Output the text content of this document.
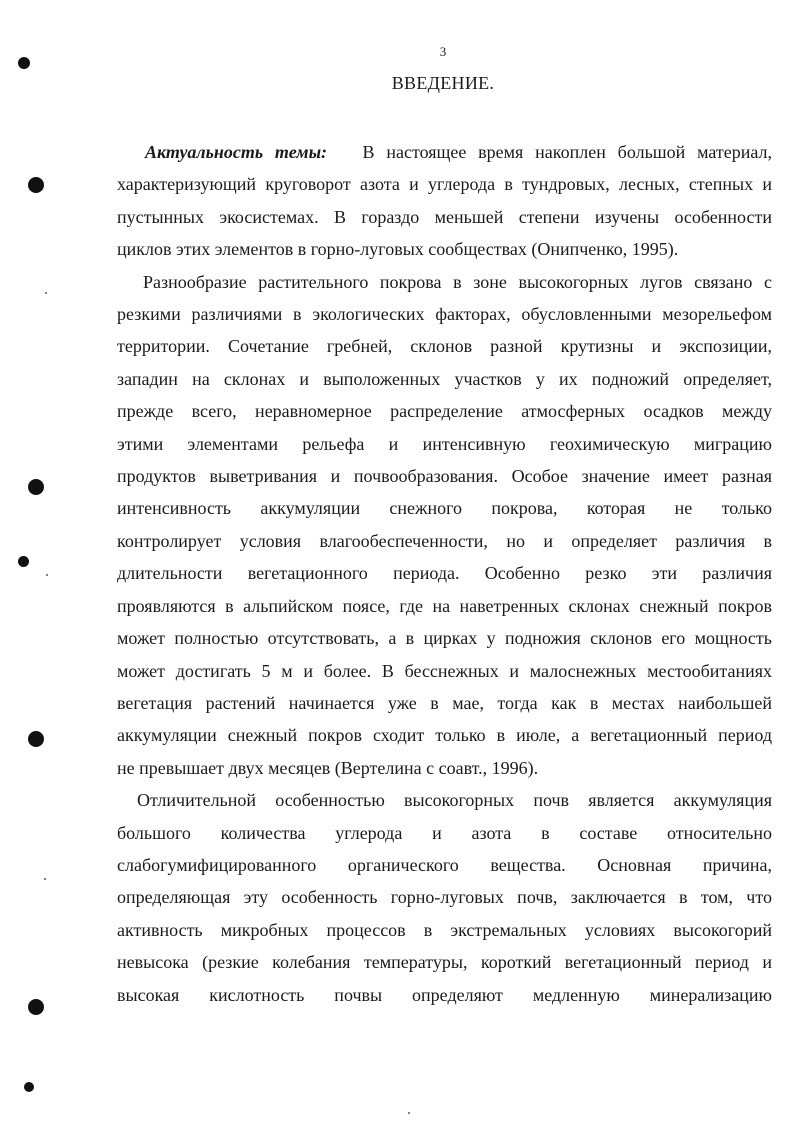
3
ВВЕДЕНИЕ.
Актуальность темы: В настоящее время накоплен большой материал,
характеризующий круговорот азота и углерода в тундровых, лесных, степных и
пустынных экосистемах. В гораздо меньшей степени изучены особенности
циклов этих элементов в горно-луговых сообществах (Онипченко, 1995).
Разнообразие растительного покрова в зоне высокогорных лугов связано с
резкими различиями в экологических факторах, обусловленными мезорельефом
территории. Сочетание гребней, склонов разной крутизны и экспозиции,
западин на склонах и выположенных участков у их подножий определяет,
прежде всего, неравномерное распределение атмосферных осадков между
этими элементами рельефа и интенсивную геохимическую миграцию
продуктов выветривания и почвообразования. Особое значение имеет разная
интенсивность аккумуляции снежного покрова, которая не только
контролирует условия влагообеспеченности, но и определяет различия в
длительности вегетационного периода. Особенно резко эти различия
проявляются в альпийском поясе, где на наветренных склонах снежный покров
может полностью отсутствовать, а в цирках у подножия склонов его мощность
может достигать 5 м и более. В бесснежных и малоснежных местообитаниях
вегетация растений начинается уже в мае, тогда как в местах наибольшей
аккумуляции снежный покров сходит только в июле, а вегетационный период
не превышает двух месяцев (Вертелина с соавт., 1996).
Отличительной особенностью высокогорных почв является аккумуляция
большого количества углерода и азота в составе относительно
слабогумифицированного органического вещества. Основная причина,
определяющая эту особенность горно-луговых почв, заключается в том, что
активность микробных процессов в экстремальных условиях высокогорий
невысока (резкие колебания температуры, короткий вегетационный период и
высокая кислотность почвы определяют медленную минерализацию
